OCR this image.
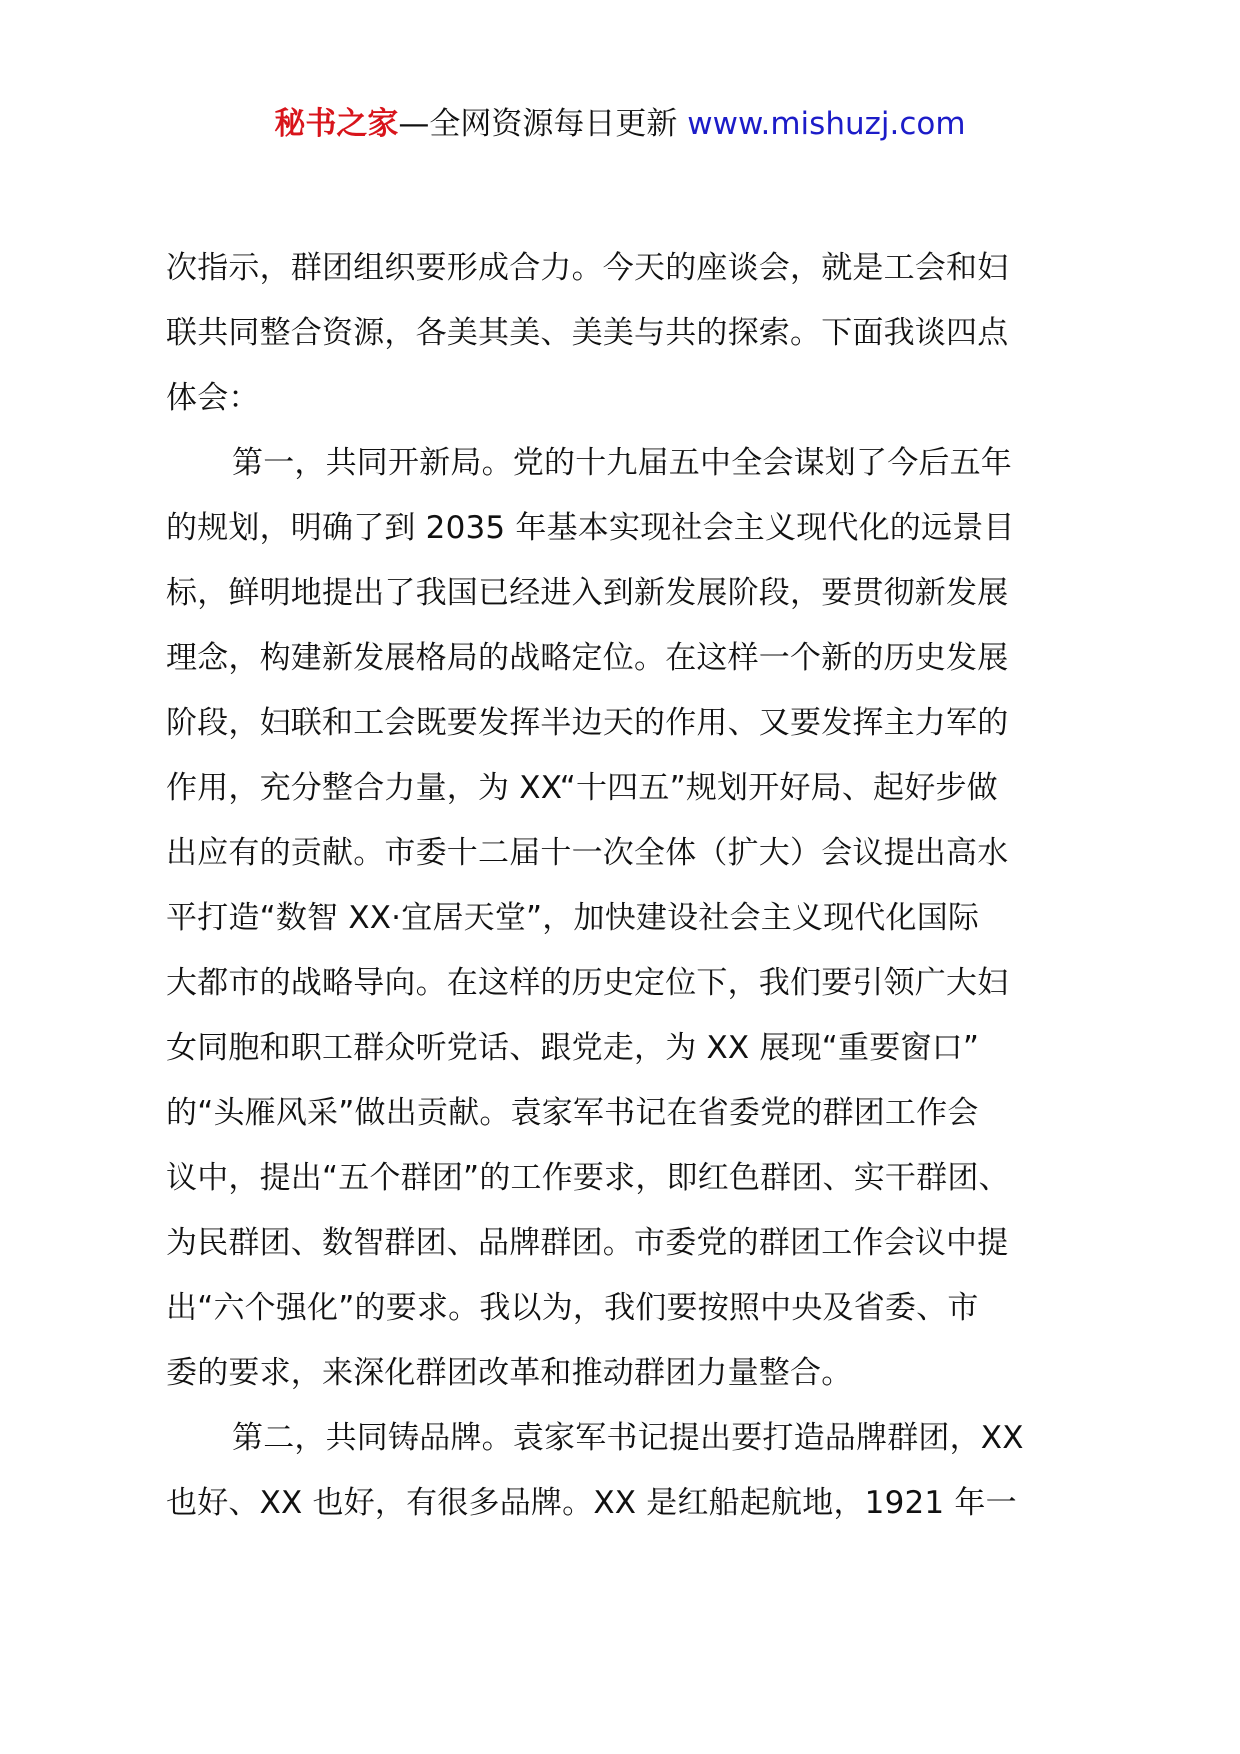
秘书之家—全网资源每日更新 www.mishuzj.com
次指示，群团组织要形成合力。今天的座谈会，就是工会和妇
联共同整合资源，各美其美、美美与共的探索。下面我谈四点
体会：
第一，共同开新局。党的十九届五中全会谋划了今后五年
的规划，明确了到 2035 年基本实现社会主义现代化的远景目
标，鲜明地提出了我国已经进入到新发展阶段，要贯彻新发展
理念，构建新发展格局的战略定位。在这样一个新的历史发展
阶段，妇联和工会既要发挥半边天的作用、又要发挥主力军的
作用，充分整合力量，为 XX“十四五”规划开好局、起好步做
出应有的贡献。市委十二届十一次全体（扩大）会议提出高水
平打造“数智 XX·宜居天堂”，加快建设社会主义现代化国际
大都市的战略导向。在这样的历史定位下，我们要引领广大妇
女同胞和职工群众听党话、跟党走，为 XX 展现“重要窗口”
的“头雁风采”做出贡献。袁家军书记在省委党的群团工作会
议中，提出“五个群团”的工作要求，即红色群团、实干群团、
为民群团、数智群团、品牌群团。市委党的群团工作会议中提
出“六个强化”的要求。我以为，我们要按照中央及省委、市
委的要求，来深化群团改革和推动群团力量整合。
第二，共同铸品牌。袁家军书记提出要打造品牌群团，XX
也好、XX 也好，有很多品牌。XX 是红船起航地，1921 年一
